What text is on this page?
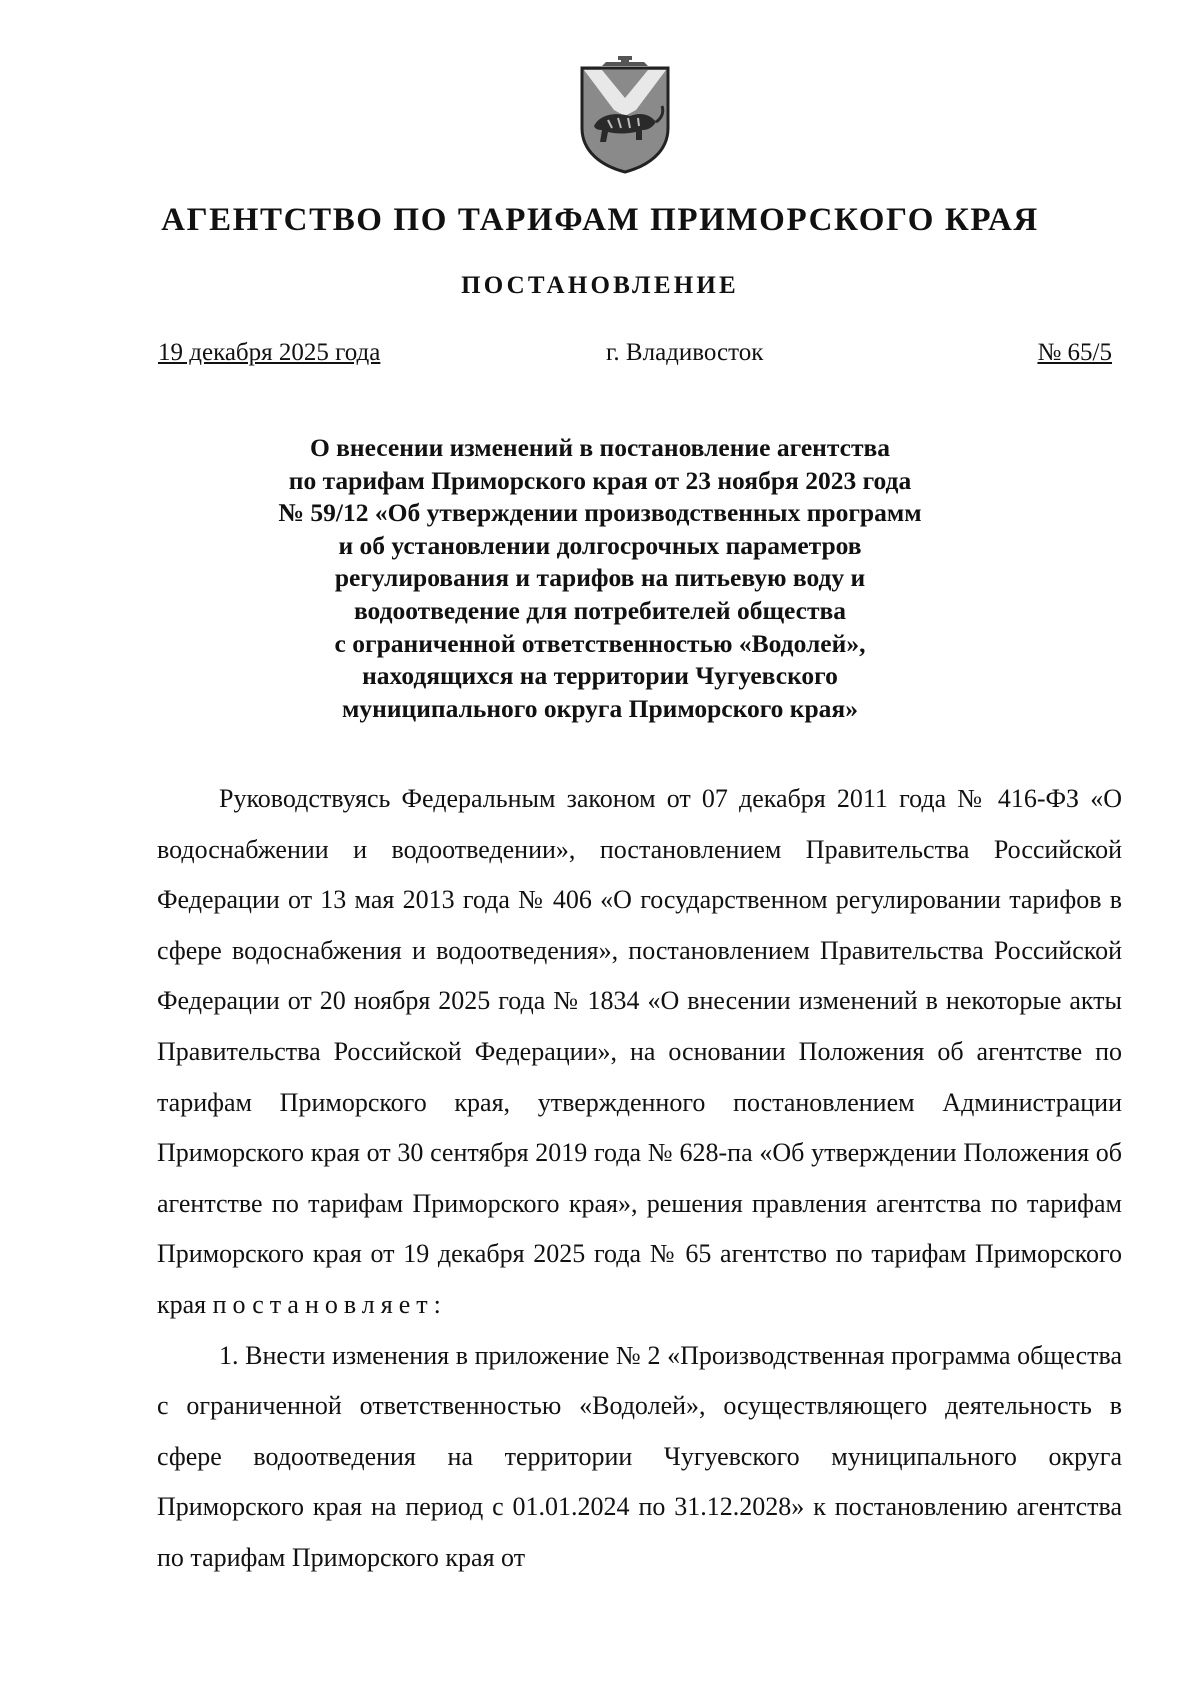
АГЕНТСТВО ПО ТАРИФАМ ПРИМОРСКОГО КРАЯ
ПОСТАНОВЛЕНИЕ
19 декабря 2025 года	г. Владивосток	№ 65/5
О внесении изменений в постановление агентства
по тарифам Приморского края от 23 ноября 2023 года
№ 59/12 «Об утверждении производственных программ
и об установлении долгосрочных параметров
регулирования и тарифов на питьевую воду и
водоотведение для потребителей общества
с ограниченной ответственностью «Водолей»,
находящихся на территории Чугуевского
муниципального округа Приморского края»

Руководствуясь Федеральным законом от 07 декабря 2011 года № 416-ФЗ «О водоснабжении и водоотведении», постановлением Правительства Российской Федерации от 13 мая 2013 года № 406 «О государственном регулировании тарифов в сфере водоснабжения и водоотведения», постановлением Правительства Российской Федерации от 20 ноября 2025 года № 1834 «О внесении изменений в некоторые акты Правительства Российской Федерации», на основании Положения об агентстве по тарифам Приморского края, утвержденного постановлением Администрации Приморского края от 30 сентября 2019 года № 628-па «Об утверждении Положения об агентстве по тарифам Приморского края», решения правления агентства по тарифам Приморского края от 19 декабря 2025 года № 65 агентство по тарифам Приморского края постановляет:

1. Внести изменения в приложение № 2 «Производственная программа общества с ограниченной ответственностью «Водолей», осуществляющего деятельность в сфере водоотведения на территории Чугуевского муниципального округа Приморского края на период с 01.01.2024 по 31.12.2028» к постановлению агентства по тарифам Приморского края от
